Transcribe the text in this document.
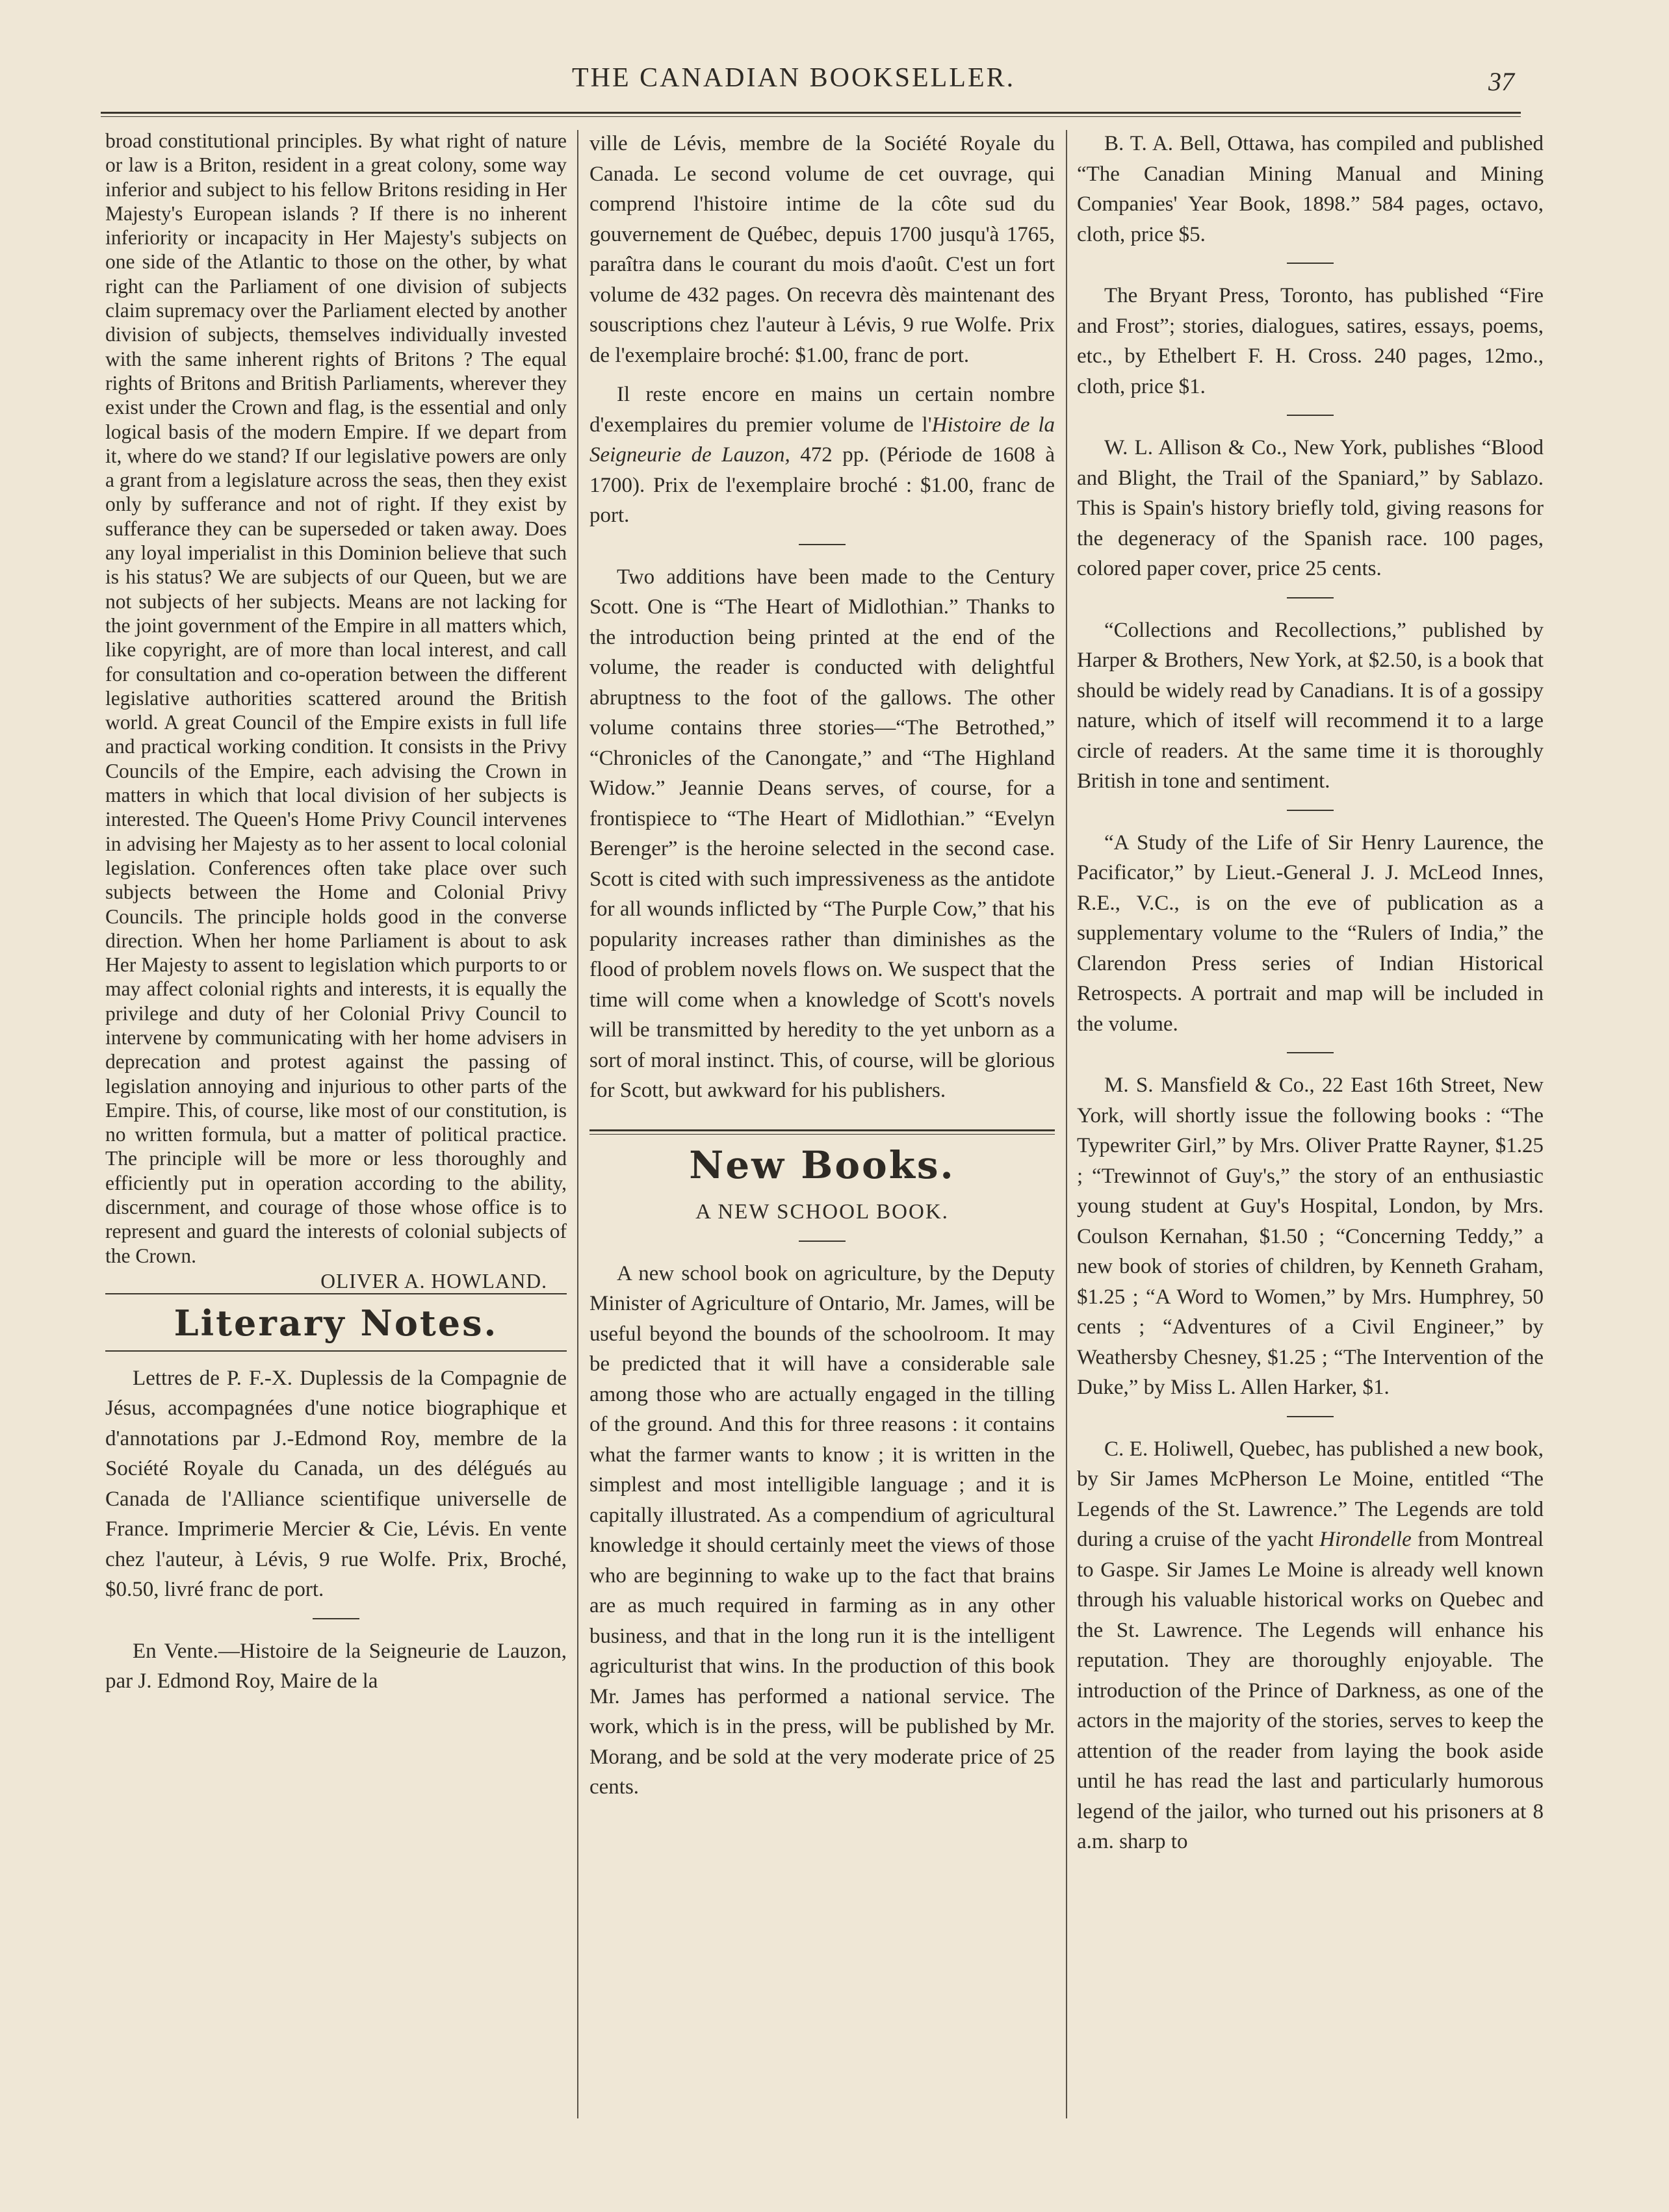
THE CANADIAN BOOKSELLER.	37

broad constitutional principles. By what right of nature or law is a Briton, resident in a great colony, some way inferior and subject to his fellow Britons residing in Her Majesty's European islands ? If there is no inherent inferiority or incapacity in Her Majesty's subjects on one side of the Atlantic to those on the other, by what right can the Parliament of one division of subjects claim supremacy over the Parliament elected by another division of subjects, themselves individually invested with the same inherent rights of Britons ? The equal rights of Britons and British Parliaments, wherever they exist under the Crown and flag, is the essential and only logical basis of the modern Empire. If we depart from it, where do we stand? If our legislative powers are only a grant from a legislature across the seas, then they exist only by sufferance and not of right. If they exist by sufferance they can be superseded or taken away. Does any loyal imperialist in this Dominion believe that such is his status? We are subjects of our Queen, but we are not subjects of her subjects. Means are not lacking for the joint government of the Empire in all matters which, like copyright, are of more than local interest, and call for consultation and co-operation between the different legislative authorities scattered around the British world. A great Council of the Empire exists in full life and practical working condition. It consists in the Privy Councils of the Empire, each advising the Crown in matters in which that local division of her subjects is interested. The Queen's Home Privy Council intervenes in advising her Majesty as to her assent to local colonial legislation. Conferences often take place over such subjects between the Home and Colonial Privy Councils. The principle holds good in the converse direction. When her home Parliament is about to ask Her Majesty to assent to legislation which purports to or may affect colonial rights and interests, it is equally the privilege and duty of her Colonial Privy Council to intervene by communicating with her home advisers in deprecation and protest against the passing of legislation annoying and injurious to other parts of the Empire. This, of course, like most of our constitution, is no written formula, but a matter of political practice. The principle will be more or less thoroughly and efficiently put in operation according to the ability, discernment, and courage of those whose office is to represent and guard the interests of colonial subjects of the Crown.

OLIVER A. HOWLAND.

Literary Notes.

Lettres de P. F.-X. Duplessis de la Compagnie de Jésus, accompagnées d'une notice biographique et d'annotations par J.-Edmond Roy, membre de la Société Royale du Canada, un des délégués au Canada de l'Alliance scientifique universelle de France. Imprimerie Mercier & Cie, Lévis. En vente chez l'auteur, à Lévis, 9 rue Wolfe. Prix, Broché, $0.50, livré franc de port.

En Vente.—Histoire de la Seigneurie de Lauzon, par J. Edmond Roy, Maire de la

ville de Lévis, membre de la Société Royale du Canada. Le second volume de cet ouvrage, qui comprend l'histoire intime de la côte sud du gouvernement de Québec, depuis 1700 jusqu'à 1765, paraîtra dans le courant du mois d'août. C'est un fort volume de 432 pages. On recevra dès maintenant des souscriptions chez l'auteur à Lévis, 9 rue Wolfe. Prix de l'exemplaire broché: $1.00, franc de port.

Il reste encore en mains un certain nombre d'exemplaires du premier volume de l'Histoire de la Seigneurie de Lauzon, 472 pp. (Période de 1608 à 1700). Prix de l'exemplaire broché : $1.00, franc de port.

Two additions have been made to the Century Scott. One is “The Heart of Midlothian.” Thanks to the introduction being printed at the end of the volume, the reader is conducted with delightful abruptness to the foot of the gallows. The other volume contains three stories—“The Betrothed,” “Chronicles of the Canongate,” and “The Highland Widow.” Jeannie Deans serves, of course, for a frontispiece to “The Heart of Midlothian.” “Evelyn Berenger” is the heroine selected in the second case. Scott is cited with such impressiveness as the antidote for all wounds inflicted by “The Purple Cow,” that his popularity increases rather than diminishes as the flood of problem novels flows on. We suspect that the time will come when a knowledge of Scott's novels will be transmitted by heredity to the yet unborn as a sort of moral instinct. This, of course, will be glorious for Scott, but awkward for his publishers.

New Books.

A NEW SCHOOL BOOK.

A new school book on agriculture, by the Deputy Minister of Agriculture of Ontario, Mr. James, will be useful beyond the bounds of the schoolroom. It may be predicted that it will have a considerable sale among those who are actually engaged in the tilling of the ground. And this for three reasons : it contains what the farmer wants to know ; it is written in the simplest and most intelligible language ; and it is capitally illustrated. As a compendium of agricultural knowledge it should certainly meet the views of those who are beginning to wake up to the fact that brains are as much required in farming as in any other business, and that in the long run it is the intelligent agriculturist that wins. In the production of this book Mr. James has performed a national service. The work, which is in the press, will be published by Mr. Morang, and be sold at the very moderate price of 25 cents.

B. T. A. Bell, Ottawa, has compiled and published “The Canadian Mining Manual and Mining Companies' Year Book, 1898.” 584 pages, octavo, cloth, price $5.

The Bryant Press, Toronto, has published “Fire and Frost”; stories, dialogues, satires, essays, poems, etc., by Ethelbert F. H. Cross. 240 pages, 12mo., cloth, price $1.

W. L. Allison & Co., New York, publishes “Blood and Blight, the Trail of the Spaniard,” by Sablazo. This is Spain's history briefly told, giving reasons for the degeneracy of the Spanish race. 100 pages, colored paper cover, price 25 cents.

“Collections and Recollections,” published by Harper & Brothers, New York, at $2.50, is a book that should be widely read by Canadians. It is of a gossipy nature, which of itself will recommend it to a large circle of readers. At the same time it is thoroughly British in tone and sentiment.

“A Study of the Life of Sir Henry Laurence, the Pacificator,” by Lieut.-General J. J. McLeod Innes, R.E., V.C., is on the eve of publication as a supplementary volume to the “Rulers of India,” the Clarendon Press series of Indian Historical Retrospects. A portrait and map will be included in the volume.

M. S. Mansfield & Co., 22 East 16th Street, New York, will shortly issue the following books : “The Typewriter Girl,” by Mrs. Oliver Pratte Rayner, $1.25 ; “Trewinnot of Guy's,” the story of an enthusiastic young student at Guy's Hospital, London, by Mrs. Coulson Kernahan, $1.50 ; “Concerning Teddy,” a new book of stories of children, by Kenneth Graham, $1.25 ; “A Word to Women,” by Mrs. Humphrey, 50 cents ; “Adventures of a Civil Engineer,” by Weathersby Chesney, $1.25 ; “The Intervention of the Duke,” by Miss L. Allen Harker, $1.

C. E. Holiwell, Quebec, has published a new book, by Sir James McPherson Le Moine, entitled “The Legends of the St. Lawrence.” The Legends are told during a cruise of the yacht Hirondelle from Montreal to Gaspe. Sir James Le Moine is already well known through his valuable historical works on Quebec and the St. Lawrence. The Legends will enhance his reputation. They are thoroughly enjoyable. The introduction of the Prince of Darkness, as one of the actors in the majority of the stories, serves to keep the attention of the reader from laying the book aside until he has read the last and particularly humorous legend of the jailor, who turned out his prisoners at 8 a.m. sharp to
